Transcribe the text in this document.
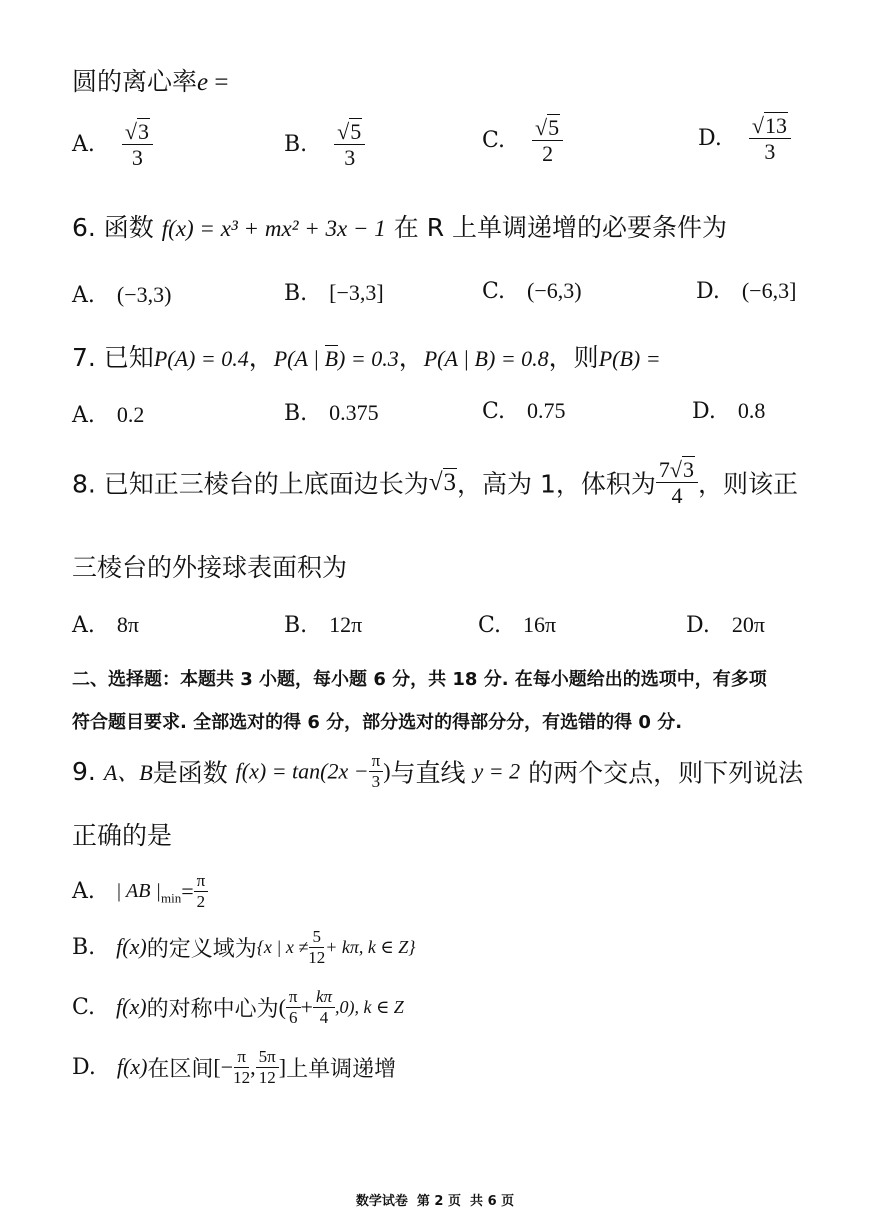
圆的离心率e =
A. $\frac{√3}{3}$	B. $\frac{√5}{3}$	C. $\frac{√5}{2}$	D. $\frac{√13}{3}$
6. 函数 f(x) = x³ + mx² + 3x − 1 在 R 上单调递增的必要条件为
A. (−3,3)	B. [−3,3]	C. (−6,3)	D. (−6,3]
7. 已知P(A) = 0.4，P(A | B) = 0.3，P(A | B) = 0.8，则P(B) =
A. 0.2	B. 0.375	C. 0.75	D. 0.8
8. 已知正三棱台的上底面边长为√3，高为 1，体积为 $\frac{7√3}{4}$ ，则该正
三棱台的外接球表面积为
A. 8π	B. 12π	C. 16π	D. 20π
二、选择题：本题共 3 小题，每小题 6 分，共 18 分. 在每小题给出的选项中，有多项
符合题目要求. 全部选对的得 6 分，部分选对的得部分分，有选错的得 0 分.
9. A、B是函数 $f(x) = \tan(2x - \frac{\pi}{3}$ )与直线 y = 2 的两个交点，则下列说法
正确的是
A. | AB $|_{min}= \frac{\pi}{2}$
B. f(x)的定义域为{x | $x \ne \frac{5}{12} + k\pi$, k ∈ Z}
C. f(x)的对称中心为( $\frac{\pi}{6} + \frac{k\pi}{4} ,0$), k ∈ Z
D. f(x)在区间[− $\frac{\pi}{12}$ , $\frac{5\pi}{12}$ ]上单调递增
数学试卷  第 2 页  共 6 页
